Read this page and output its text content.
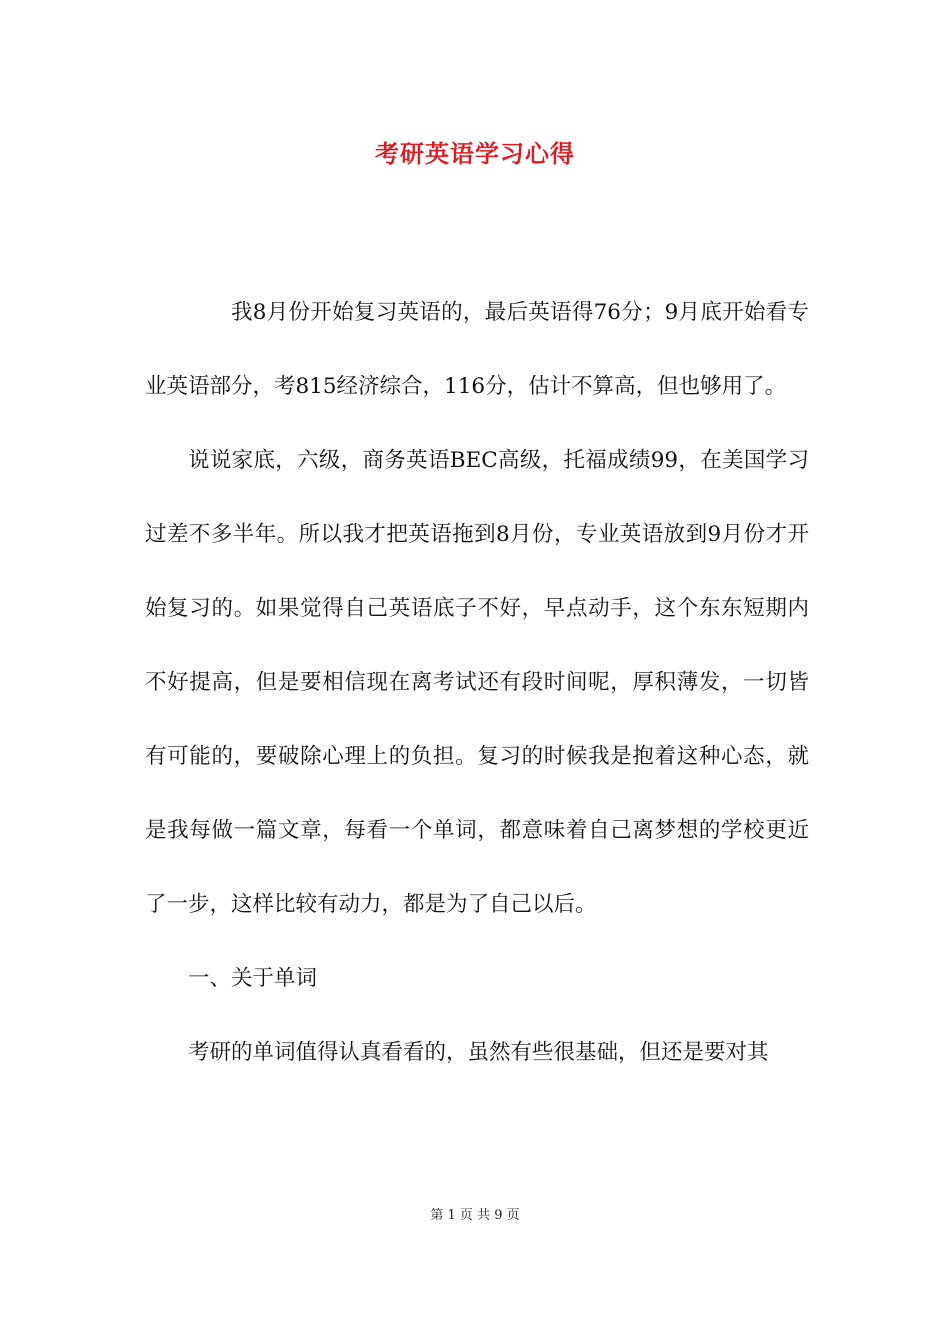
考研英语学习心得

我8月份开始复习英语的，最后英语得76分；9月底开始看专业英语部分，考815经济综合，116分，估计不算高，但也够用了。

说说家底，六级，商务英语BEC高级，托福成绩99，在美国学习过差不多半年。所以我才把英语拖到8月份，专业英语放到9月份才开始复习的。如果觉得自己英语底子不好，早点动手，这个东东短期内不好提高，但是要相信现在离考试还有段时间呢，厚积薄发，一切皆有可能的，要破除心理上的负担。复习的时候我是抱着这种心态，就是我每做一篇文章，每看一个单词，都意味着自己离梦想的学校更近了一步，这样比较有动力，都是为了自己以后。

一、关于单词

考研的单词值得认真看看的，虽然有些很基础，但还是要对其

第 1 页 共 9 页
